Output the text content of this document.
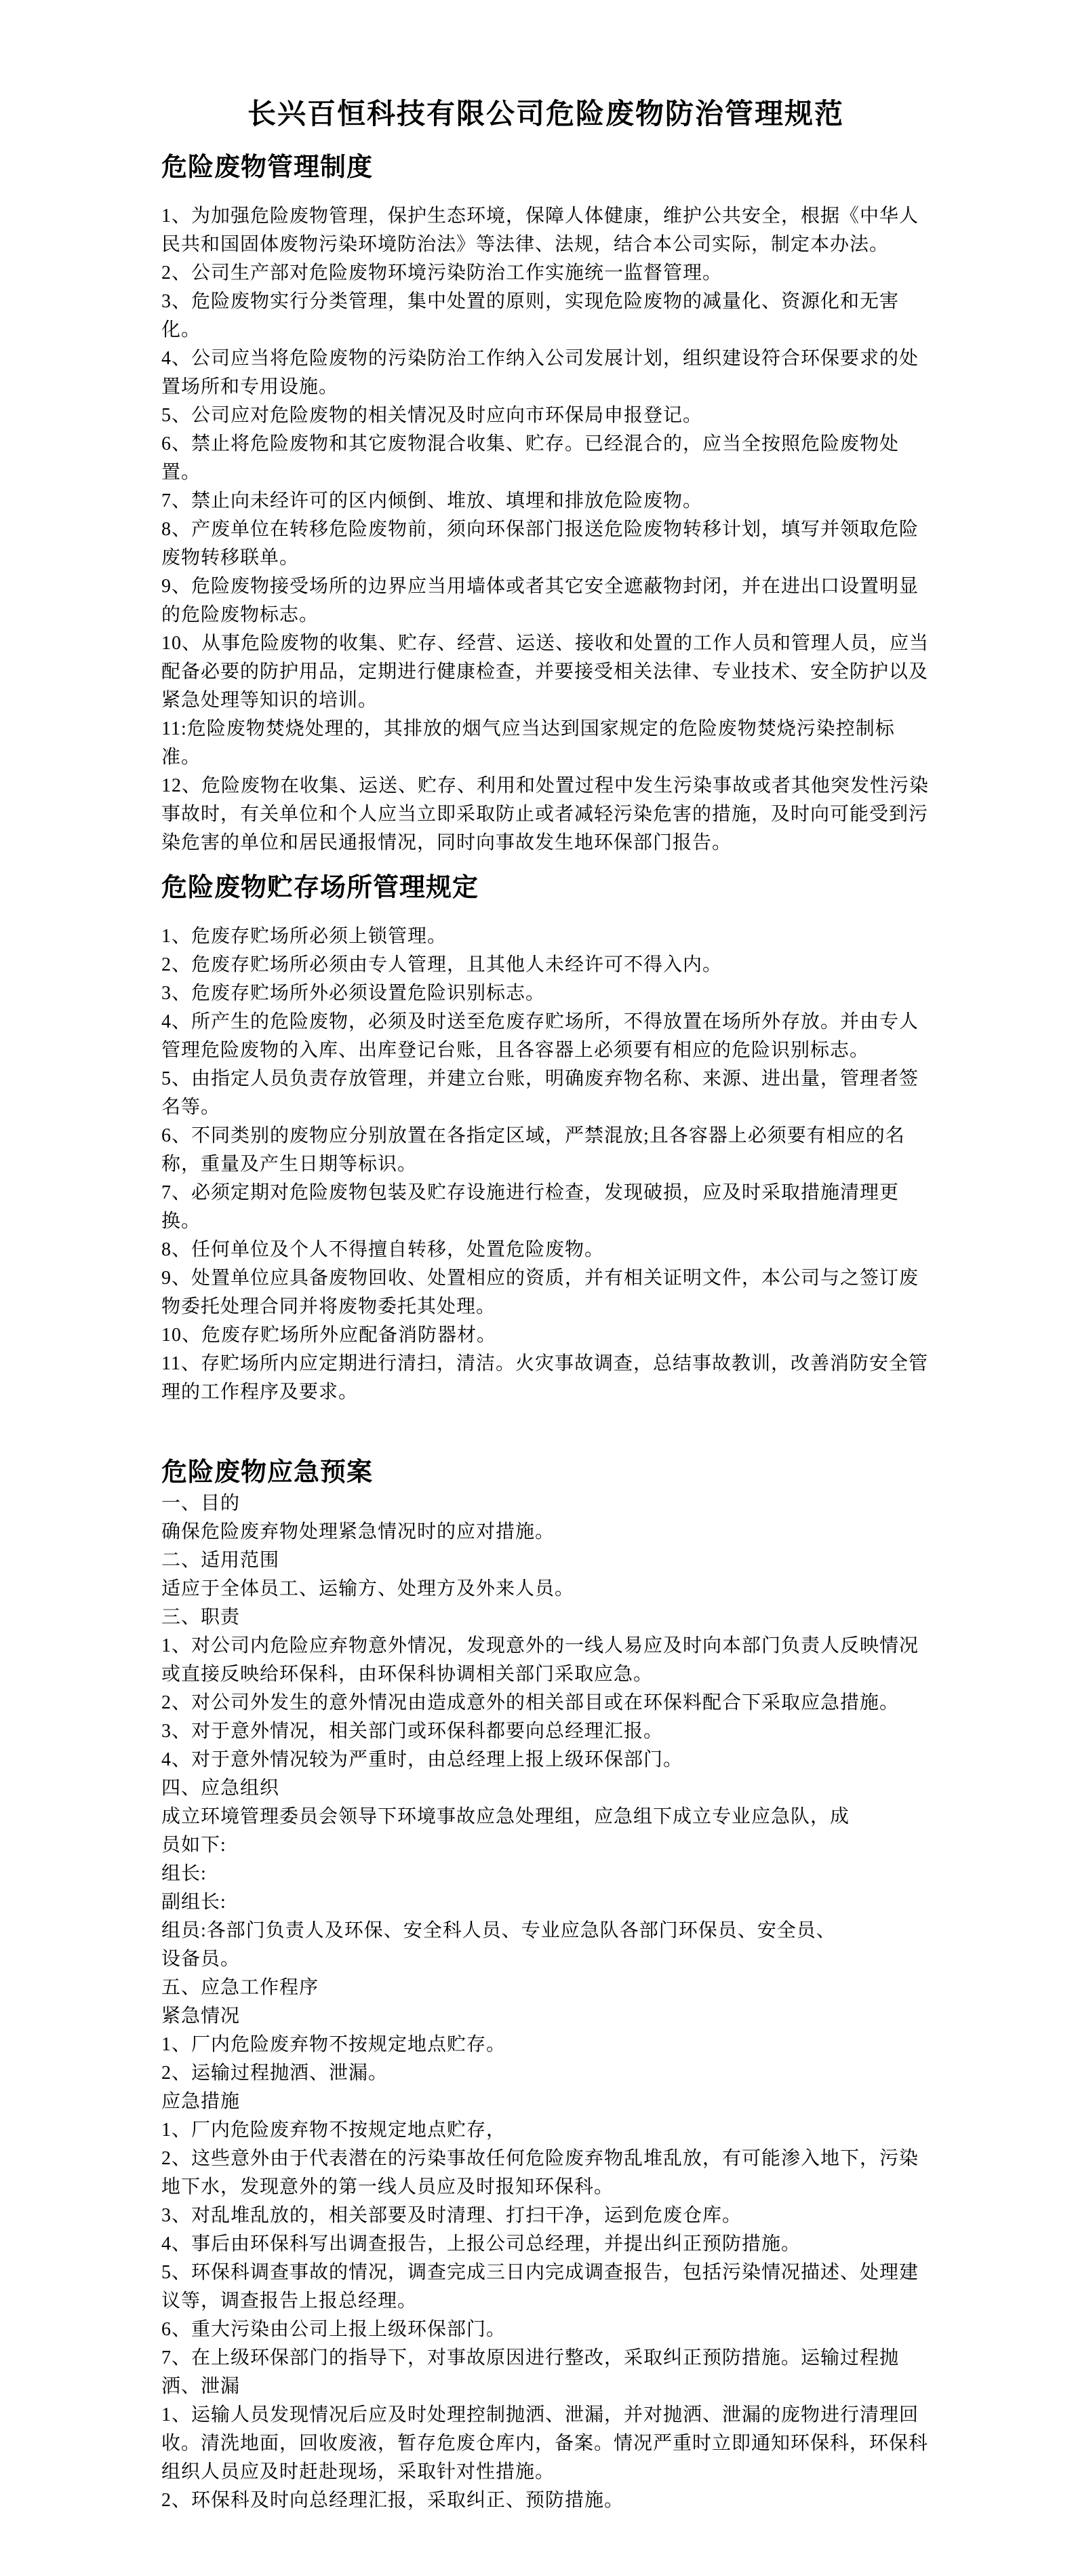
长兴百恒科技有限公司危险废物防治管理规范
危险废物管理制度

1、为加强危险废物管理，保护生态环境，保障人体健康，维护公共安全，根据《中华人民共和国固体废物污染环境防治法》等法律、法规，结合本公司实际，制定本办法。

2、公司生产部对危险废物环境污染防治工作实施统一监督管理。

3、危险废物实行分类管理，集中处置的原则，实现危险废物的减量化、资源化和无害化。

4、公司应当将危险废物的污染防治工作纳入公司发展计划，组织建设符合环保要求的处置场所和专用设施。

5、公司应对危险废物的相关情况及时应向市环保局申报登记。

6、禁止将危险废物和其它废物混合收集、贮存。已经混合的，应当全按照危险废物处置。

7、禁止向未经许可的区内倾倒、堆放、填埋和排放危险废物。

8、产废单位在转移危险废物前，须向环保部门报送危险废物转移计划，填写并领取危险废物转移联单。

9、危险废物接受场所的边界应当用墙体或者其它安全遮蔽物封闭，并在进出口设置明显的危险废物标志。

10、从事危险废物的收集、贮存、经营、运送、接收和处置的工作人员和管理人员，应当配备必要的防护用品，定期进行健康检查，并要接受相关法律、专业技术、安全防护以及紧急处理等知识的培训。

11:危险废物焚烧处理的，其排放的烟气应当达到国家规定的危险废物焚烧污染控制标准。

12、危险废物在收集、运送、贮存、利用和处置过程中发生污染事故或者其他突发性污染事故时，有关单位和个人应当立即采取防止或者减轻污染危害的措施，及时向可能受到污染危害的单位和居民通报情况，同时向事故发生地环保部门报告。

危险废物贮存场所管理规定

1、危废存贮场所必须上锁管理。

2、危废存贮场所必须由专人管理，且其他人未经许可不得入内。

3、危废存贮场所外必须设置危险识别标志。

4、所产生的危险废物，必须及时送至危废存贮场所，不得放置在场所外存放。并由专人管理危险废物的入库、出库登记台账，且各容器上必须要有相应的危险识别标志。

5、由指定人员负责存放管理，并建立台账，明确废弃物名称、来源、进出量，管理者签名等。

6、不同类别的废物应分别放置在各指定区域，严禁混放;且各容器上必须要有相应的名称，重量及产生日期等标识。

7、必须定期对危险废物包装及贮存设施进行检查，发现破损，应及时采取措施清理更换。

8、任何单位及个人不得擅自转移，处置危险废物。

9、处置单位应具备废物回收、处置相应的资质，并有相关证明文件，本公司与之签订废物委托处理合同并将废物委托其处理。

10、危废存贮场所外应配备消防器材。

11、存贮场所内应定期进行清扫，清洁。火灾事故调查，总结事故教训，改善消防安全管理的工作程序及要求。

危险废物应急预案

一、目的

确保危险废弃物处理紧急情况时的应对措施。

二、适用范围

适应于全体员工、运输方、处理方及外来人员。

三、职责

1、对公司内危险应弃物意外情况，发现意外的一线人易应及时向本部门负责人反映情况或直接反映给环保科，由环保科协调相关部门采取应急。

2、对公司外发生的意外情况由造成意外的相关部目或在环保料配合下采取应急措施。

3、对于意外情况，相关部门或环保科都要向总经理汇报。

4、对于意外情况较为严重时，由总经理上报上级环保部门。

四、应急组织

成立环境管理委员会领导下环境事故应急处理组，应急组下成立专业应急队，成

员如下:

组长:

副组长:

组员:各部门负责人及环保、安全科人员、专业应急队各部门环保员、安全员、

设备员。

五、应急工作程序

紧急情况

1、厂内危险废弃物不按规定地点贮存。

2、运输过程抛酒、泄漏。

应急措施

1、厂内危险废弃物不按规定地点贮存，

2、这些意外由于代表潜在的污染事故任何危险废弃物乱堆乱放，有可能渗入地下，污染地下水，发现意外的第一线人员应及时报知环保科。

3、对乱堆乱放的，相关部要及时清理、打扫干净，运到危废仓库。

4、事后由环保科写出调查报告，上报公司总经理，并提出纠正预防措施。

5、环保科调查事故的情况，调查完成三日内完成调查报告，包括污染情况描述、处理建议等，调查报告上报总经理。

6、重大污染由公司上报上级环保部门。

7、在上级环保部门的指导下，对事故原因进行整改，采取纠正预防措施。运输过程抛洒、泄漏

1、运输人员发现情况后应及时处理控制抛洒、泄漏，并对抛洒、泄漏的庞物进行清理回收。清洗地面，回收废液，暂存危废仓库内，备案。情况严重时立即通知环保科，环保科组织人员应及时赶赴现场，采取针对性措施。

2、环保科及时向总经理汇报，采取纠正、预防措施。
